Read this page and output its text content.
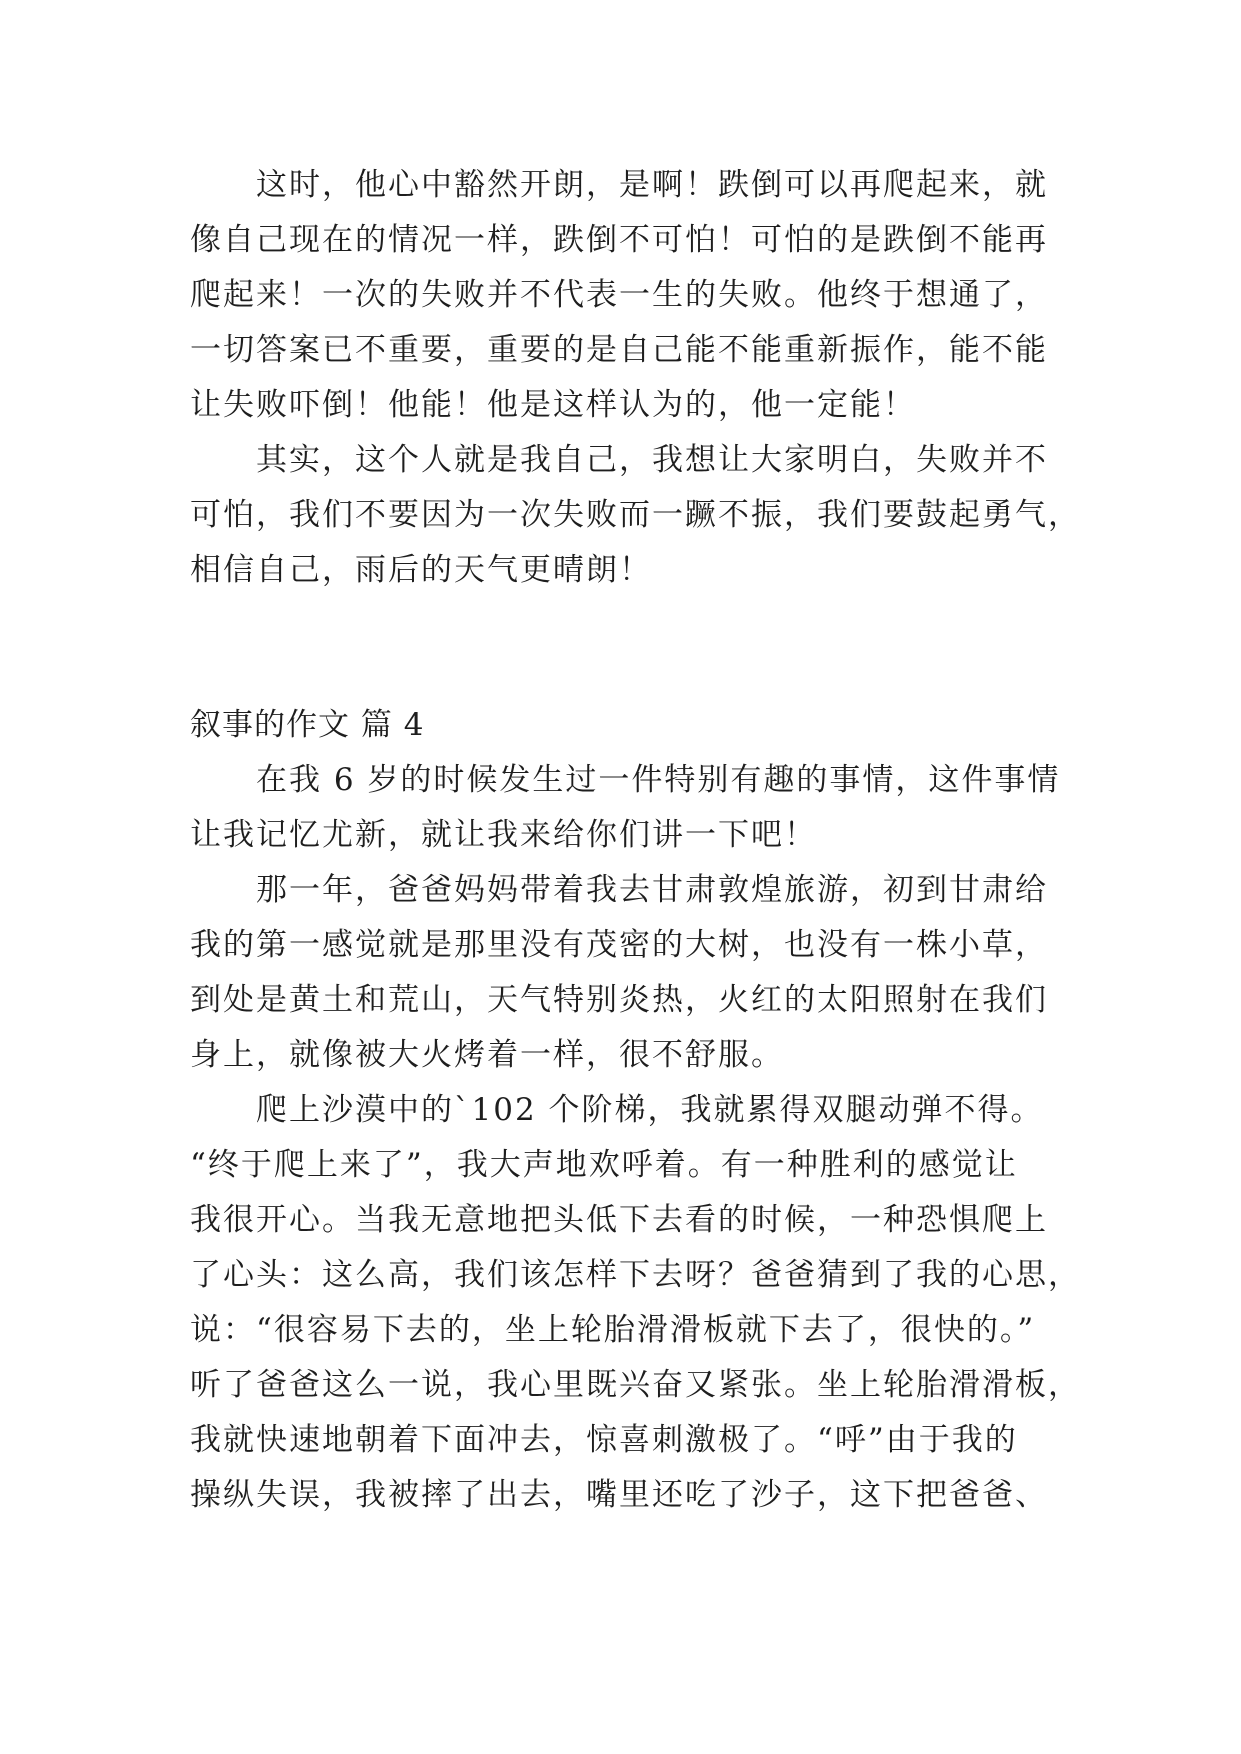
这时，他心中豁然开朗，是啊！跌倒可以再爬起来，就
像自己现在的情况一样，跌倒不可怕！可怕的是跌倒不能再
爬起来！一次的失败并不代表一生的失败。他终于想通了，
一切答案已不重要，重要的是自己能不能重新振作，能不能
让失败吓倒！他能！他是这样认为的，他一定能！
其实，这个人就是我自己，我想让大家明白，失败并不
可怕，我们不要因为一次失败而一蹶不振，我们要鼓起勇气，
相信自己，雨后的天气更晴朗！
叙事的作文 篇 4
在我 6 岁的时候发生过一件特别有趣的事情，这件事情
让我记忆尤新，就让我来给你们讲一下吧！
那一年，爸爸妈妈带着我去甘肃敦煌旅游，初到甘肃给
我的第一感觉就是那里没有茂密的大树，也没有一株小草，
到处是黄土和荒山，天气特别炎热，火红的太阳照射在我们
身上，就像被大火烤着一样，很不舒服。
爬上沙漠中的`102 个阶梯，我就累得双腿动弹不得。
“终于爬上来了”，我大声地欢呼着。有一种胜利的感觉让
我很开心。当我无意地把头低下去看的时候，一种恐惧爬上
了心头：这么高，我们该怎样下去呀？爸爸猜到了我的心思，
说：“很容易下去的，坐上轮胎滑滑板就下去了，很快的。”
听了爸爸这么一说，我心里既兴奋又紧张。坐上轮胎滑滑板，
我就快速地朝着下面冲去，惊喜刺激极了。“呼”由于我的
操纵失误，我被摔了出去，嘴里还吃了沙子，这下把爸爸、
